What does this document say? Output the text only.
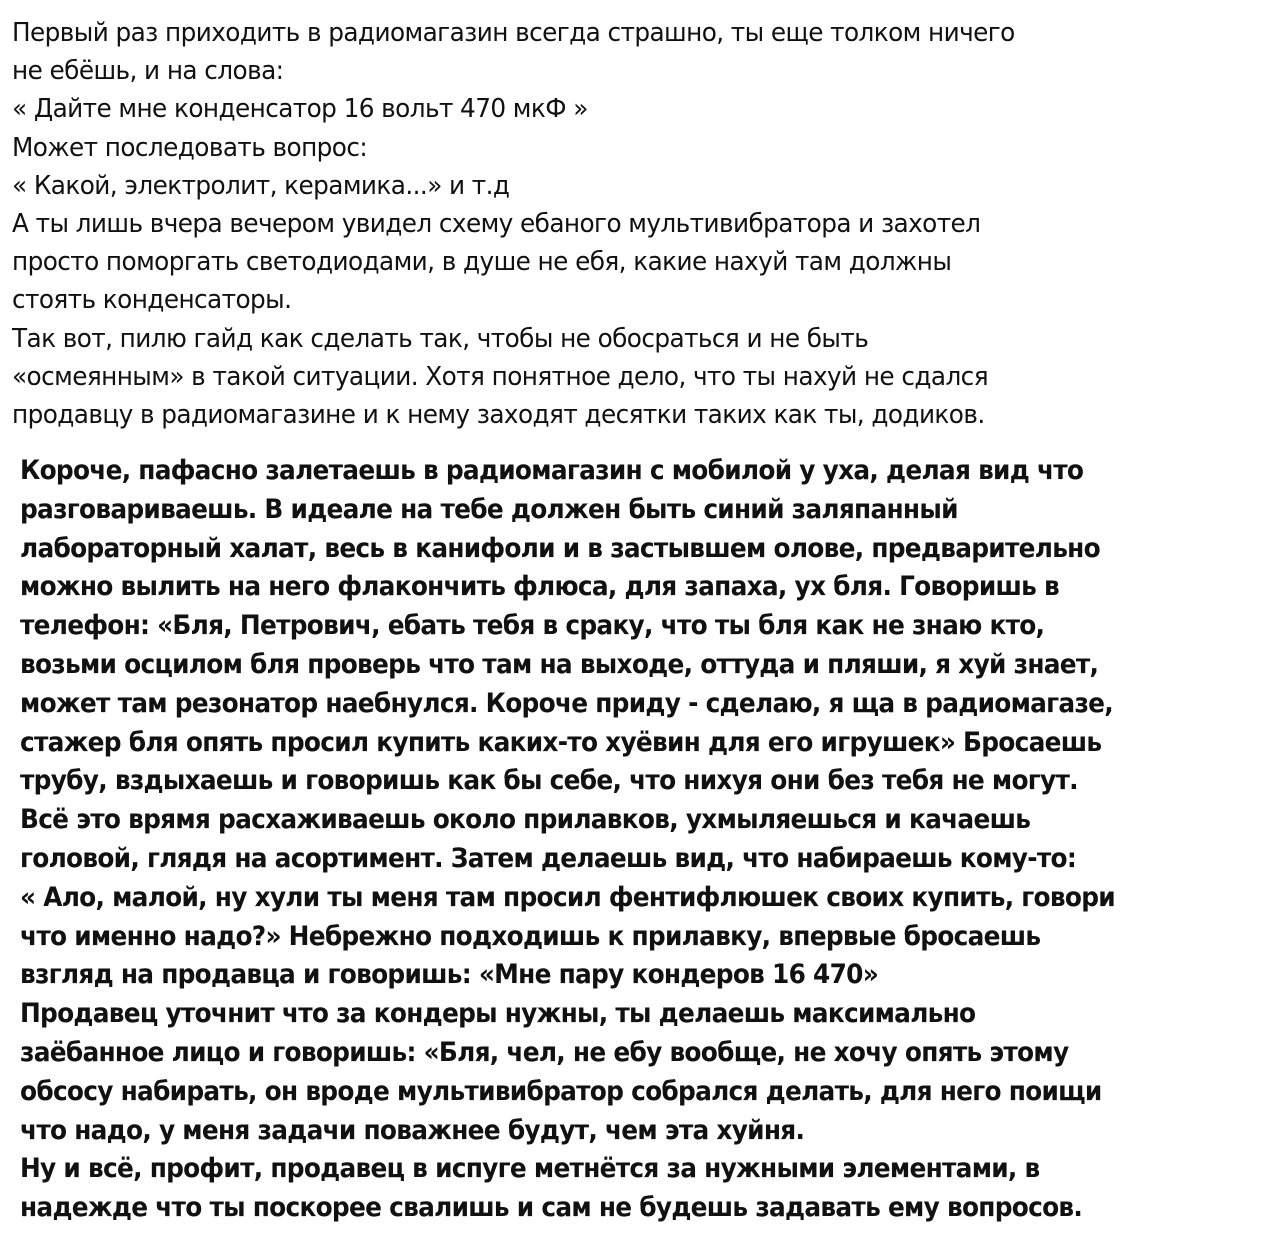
Первый раз приходить в радиомагазин всегда страшно, ты еще толком ничего
не ебёшь, и на слова:
« Дайте мне конденсатор 16 вольт 470 мкФ »
Может последовать вопрос:
« Какой, электролит, керамика...» и т.д
А ты лишь вчера вечером увидел схему ебаного мультивибратора и захотел
просто поморгать светодиодами, в душе не ебя, какие нахуй там должны
стоять конденсаторы.
Так вот, пилю гайд как сделать так, чтобы не обосраться и не быть
«осмеянным» в такой ситуации. Хотя понятное дело, что ты нахуй не сдался
продавцу в радиомагазине и к нему заходят десятки таких как ты, додиков.
Короче, пафасно залетаешь в радиомагазин с мобилой у уха, делая вид что
разговариваешь. В идеале на тебе должен быть синий заляпанный
лабораторный халат, весь в канифоли и в застывшем олове, предварительно
можно вылить на него флакончить флюса, для запаха, ух бля. Говоришь в
телефон: «Бля, Петрович, ебать тебя в сраку, что ты бля как не знаю кто,
возьми осцилом бля проверь что там на выходе, оттуда и пляши, я хуй знает,
может там резонатор наебнулся. Короче приду - сделаю, я ща в радиомагазе,
стажер бля опять просил купить каких-то хуёвин для его игрушек» Бросаешь
трубу, вздыхаешь и говоришь как бы себе, что нихуя они без тебя не могут.
Всё это врямя расхаживаешь около прилавков, ухмыляешься и качаешь
головой, глядя на асортимент. Затем делаешь вид, что набираешь кому-то:
« Ало, малой, ну хули ты меня там просил фентифлюшек своих купить, говори
что именно надо?» Небрежно подходишь к прилавку, впервые бросаешь
взгляд на продавца и говоришь: «Мне пару кондеров 16 470»
Продавец уточнит что за кондеры нужны, ты делаешь максимально
заёбанное лицо и говоришь: «Бля, чел, не ебу вообще, не хочу опять этому
обсосу набирать, он вроде мультивибратор собрался делать, для него поищи
что надо, у меня задачи поважнее будут, чем эта хуйня.
Ну и всё, профит, продавец в испуге метнётся за нужными элементами, в
надежде что ты поскорее свалишь и сам не будешь задавать ему вопросов.
